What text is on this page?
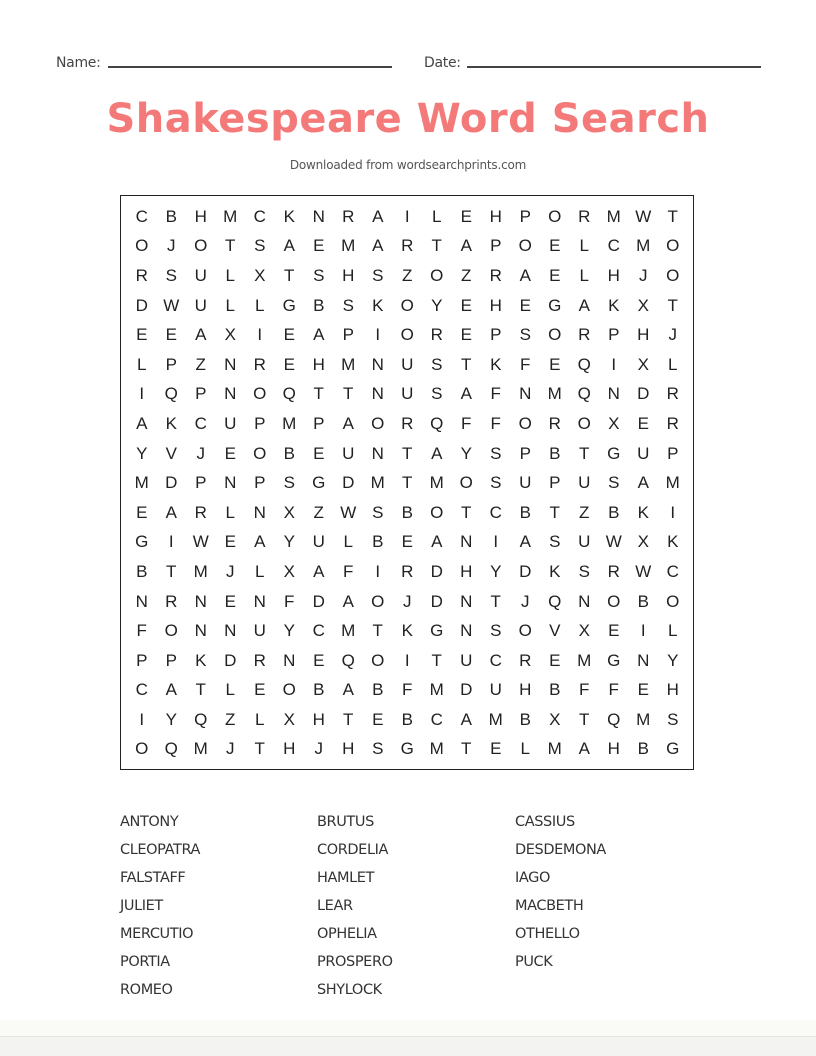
Name:	Date:
Shakespeare Word Search
Downloaded from wordsearchprints.com
C	B	H M C	K	N	R	A	I	L	E	H	P	O R M W T
O	J	O	T	S	A	E M A	R	T	A	P	O	E	L	C M O
R	S	U	L	X	T	S	H	S	Z	O	Z	R	A	E	L	H	J	O
D W U	L	L	G	B	S	K	O	Y	E	H	E	G	A	K	X	T
E	E	A	X	I	E	A	P	I	O R	E	P	S	O R	P	H	J
L	P	Z	N	R	E	H M N	U	S	T	K	F	E	Q	I	X	L
I	Q	P	N O Q	T	T	N	U	S	A	F	N M Q N	D	R
A	K	C	U	P M P	A	O R Q	F	F	O R O	X	E	R
Y	V	J	E	O	B	E	U	N	T	A	Y	S	P	B	T	G U	P
M D	P	N	P	S	G D M	T	M O	S	U	P	U	S	A M
E	A	R	L	N	X	Z W S	B	O	T	C	B	T	Z	B	K	I
G	I	W E	A	Y	U	L	B	E	A	N	I	A	S	U W X	K
B	T	M	J	L	X	A	F	I	R	D	H	Y	D	K	S	R W C
N	R	N	E	N	F	D	A	O	J	D	N	T	J	Q N O	B	O
F	O N	N	U	Y	C M	T	K	G N	S	O	V	X	E	I	L
P	P	K	D	R	N	E	Q O	I	T	U	C	R	E M G N	Y
C	A	T	L	E	O	B	A	B	F	M D	U	H	B	F	F	E	H
I	Y	Q	Z	L	X	H	T	E	B	C	A M B	X	T	Q M S
O Q M	J	T	H	J	H	S	G M	T	E	L	M A	H	B	G
ANTONY	BRUTUS	CASSIUS
CLEOPATRA	CORDELIA	DESDEMONA
FALSTAFF	HAMLET	IAGO
JULIET	LEAR	MACBETH
MERCUTIO	OPHELIA	OTHELLO
PORTIA	PROSPERO	PUCK
ROMEO	SHYLOCK
